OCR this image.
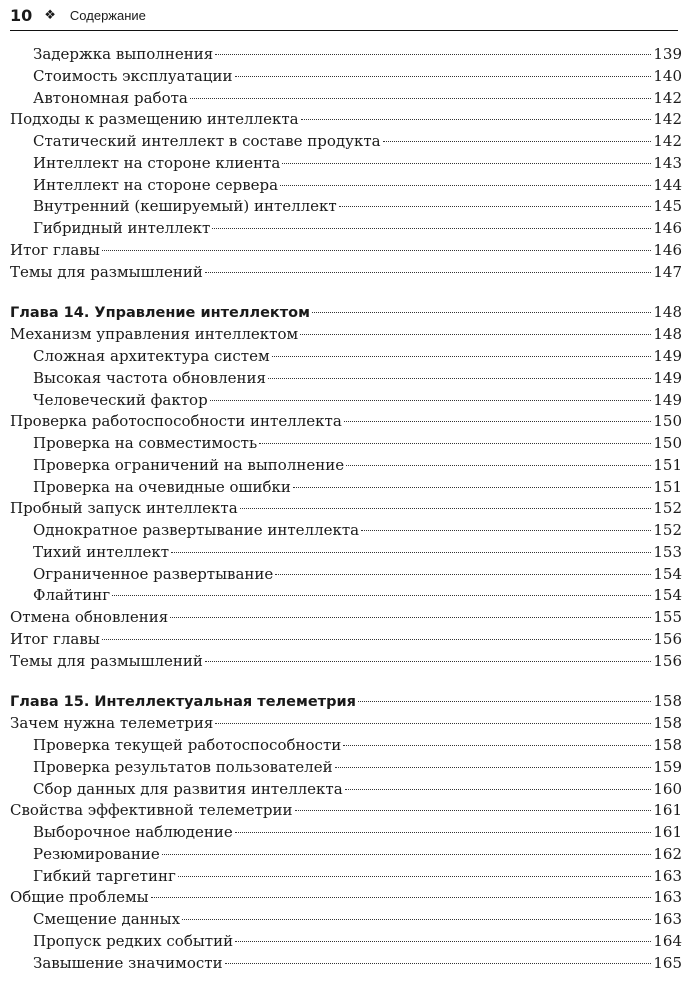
10 ❖ Содержание
Задержка выполнения	139
Стоимость эксплуатации	140
Автономная работа	142
Подходы к размещению интеллекта	142
Статический интеллект в составе продукта	142
Интеллект на стороне клиента	143
Интеллект на стороне сервера	144
Внутренний (кешируемый) интеллект	145
Гибридный интеллект	146
Итог главы	146
Темы для размышлений	147
Глава 14. Управление интеллектом	148
Механизм управления интеллектом	148
Сложная архитектура систем	149
Высокая частота обновления	149
Человеческий фактор	149
Проверка работоспособности интеллекта	150
Проверка на совместимость	150
Проверка ограничений на выполнение	151
Проверка на очевидные ошибки	151
Пробный запуск интеллекта	152
Однократное развертывание интеллекта	152
Тихий интеллект	153
Ограниченное развертывание	154
Флайтинг	154
Отмена обновления	155
Итог главы	156
Темы для размышлений	156
Глава 15. Интеллектуальная телеметрия	158
Зачем нужна телеметрия	158
Проверка текущей работоспособности	158
Проверка результатов пользователей	159
Сбор данных для развития интеллекта	160
Свойства эффективной телеметрии	161
Выборочное наблюдение	161
Резюмирование	162
Гибкий таргетинг	163
Общие проблемы	163
Смещение данных	163
Пропуск редких событий	164
Завышение значимости	165
